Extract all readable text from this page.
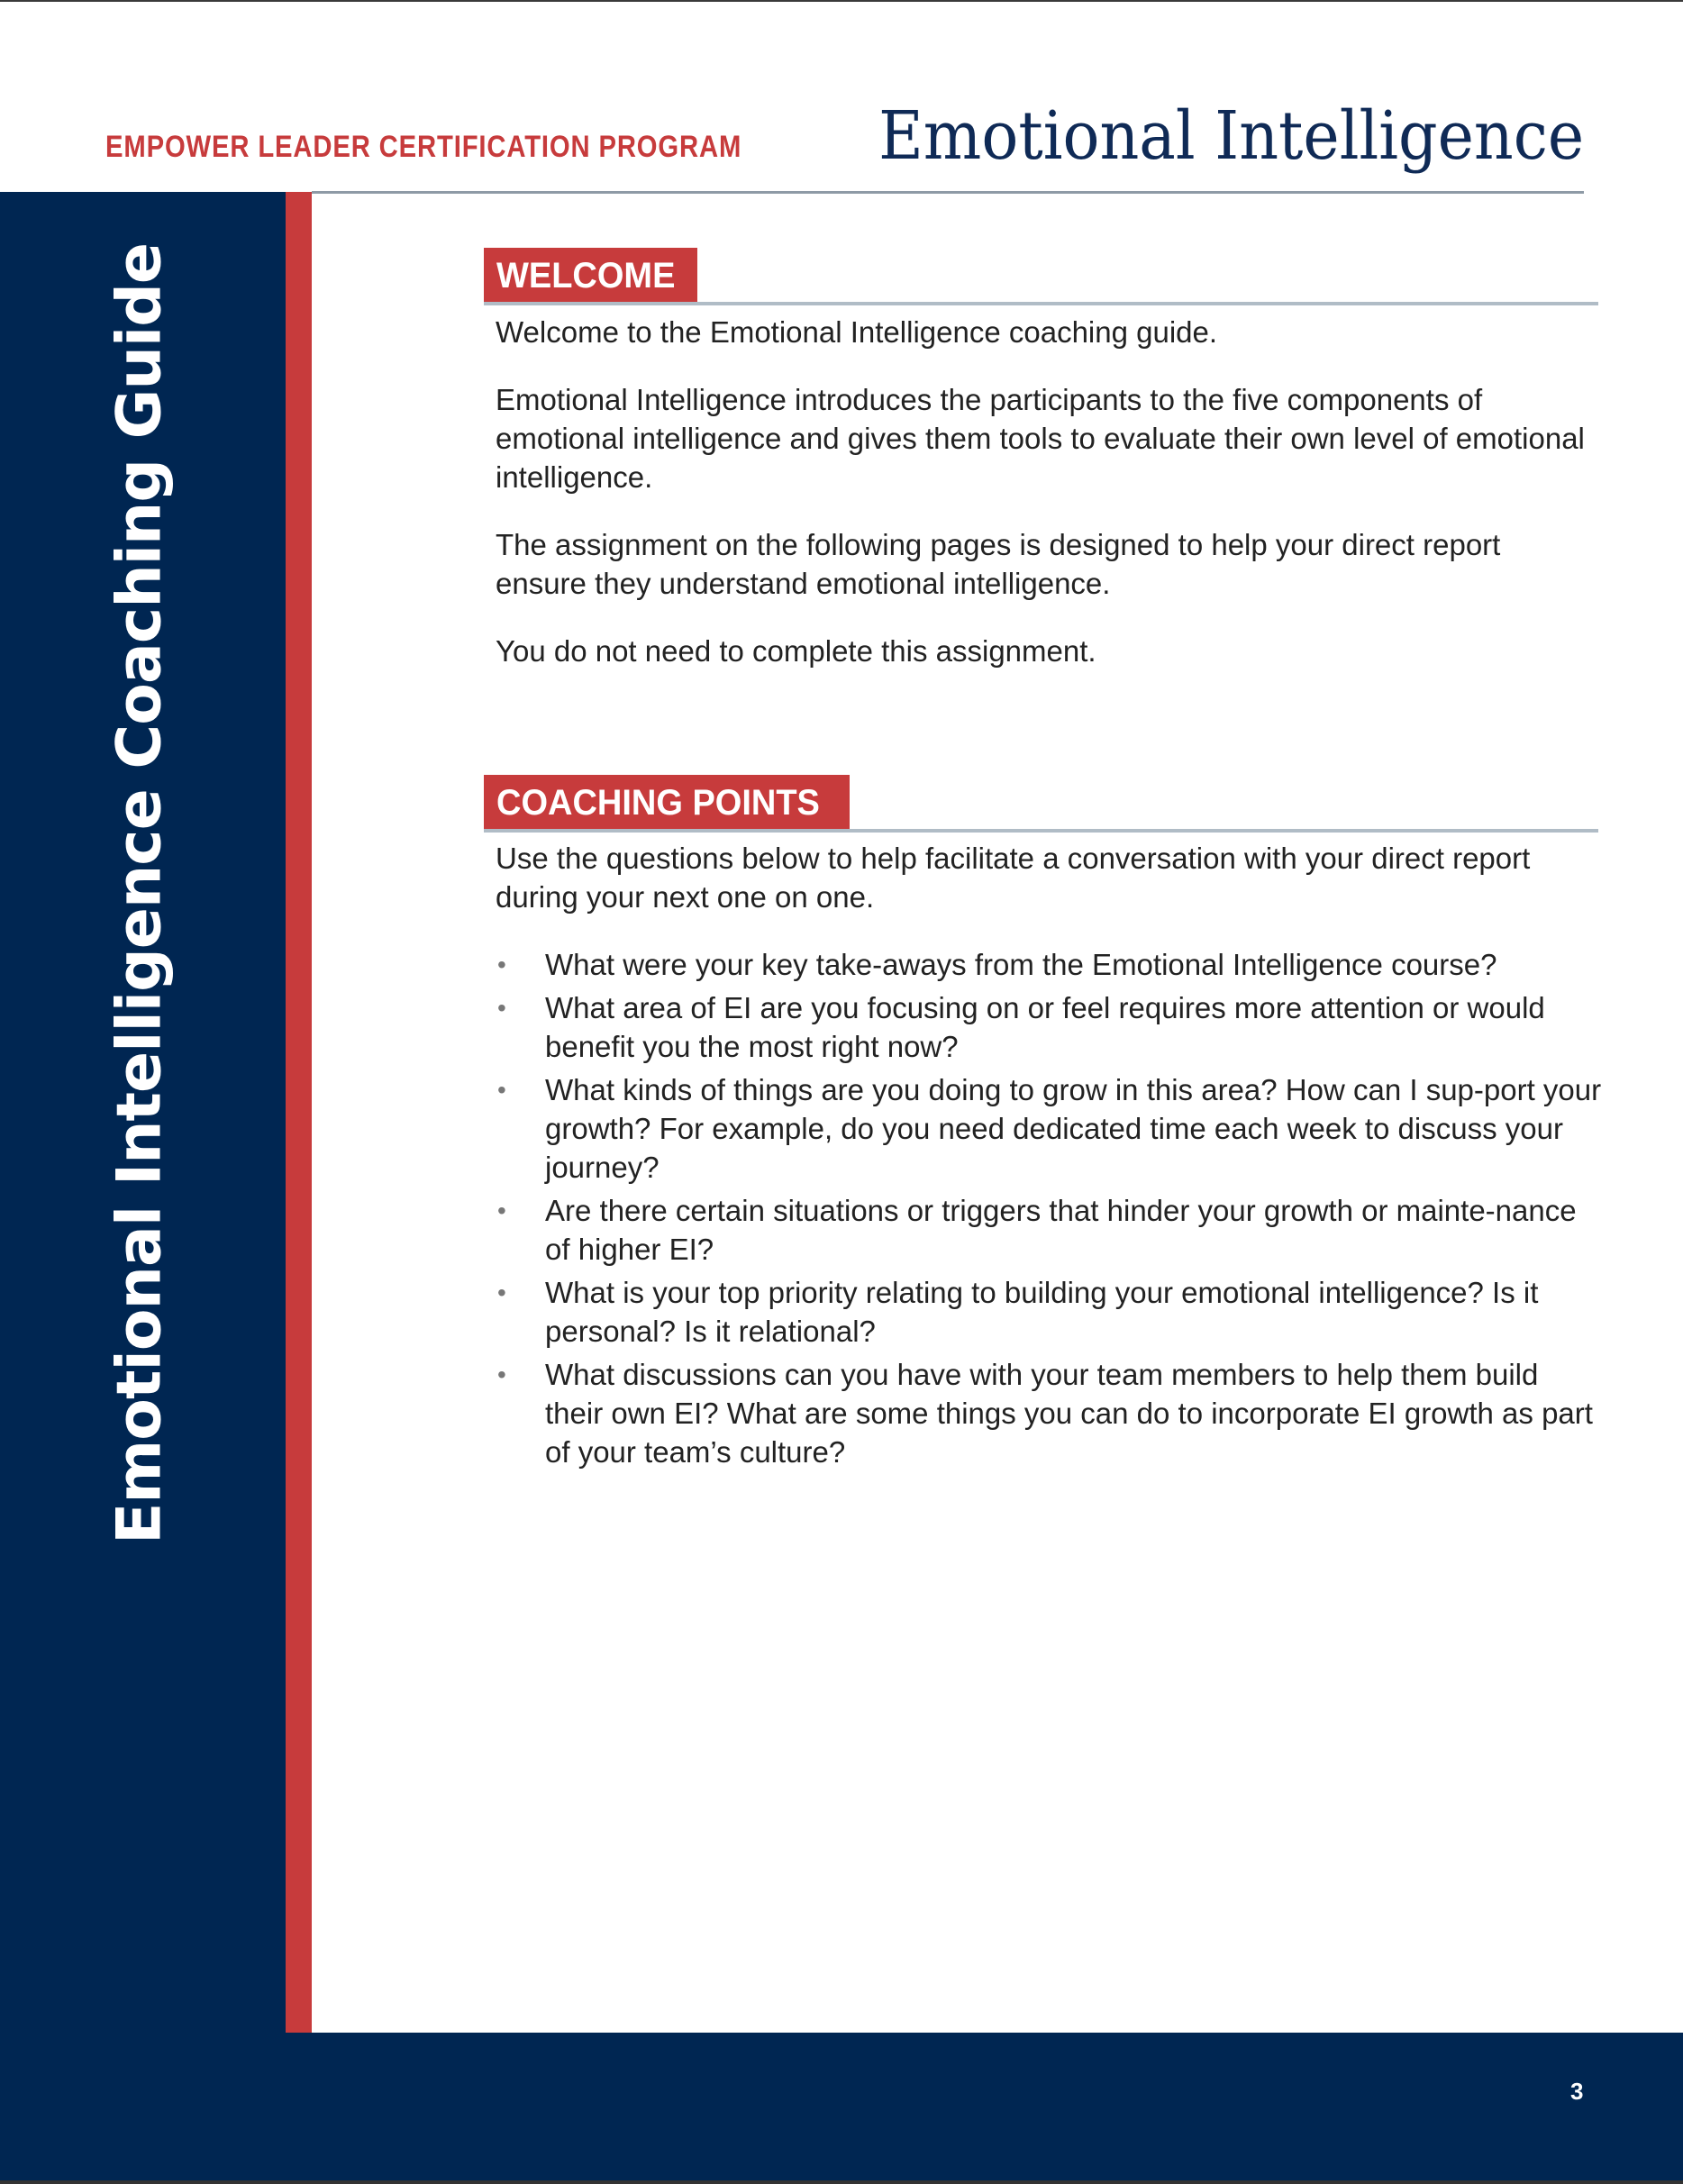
EMPOWER LEADER CERTIFICATION PROGRAM Emotional Intelligence
Emotional Intelligence Coaching Guide	WELCOME

Welcome to the Emotional Intelligence coaching guide.

Emotional Intelligence introduces the participants to the five components of emotional intelligence and gives them tools to evaluate their own level of emotional intelligence.

The assignment on the following pages is designed to help your direct report ensure they understand emotional intelligence.

You do not need to complete this assignment.

COACHING POINTS

Use the questions below to help facilitate a conversation with your direct report during your next one on one.

• What were your key take-aways from the Emotional Intelligence course?
• What area of EI are you focusing on or feel requires more attention or would benefit you the most right now?
• What kinds of things are you doing to grow in this area? How can I sup-port your growth? For example, do you need dedicated time each week to discuss your journey?
• Are there certain situations or triggers that hinder your growth or mainte-nance of higher EI?
• What is your top priority relating to building your emotional intelligence? Is it personal? Is it relational?
• What discussions can you have with your team members to help them build their own EI? What are some things you can do to incorporate EI growth as part of your team’s culture?
3
